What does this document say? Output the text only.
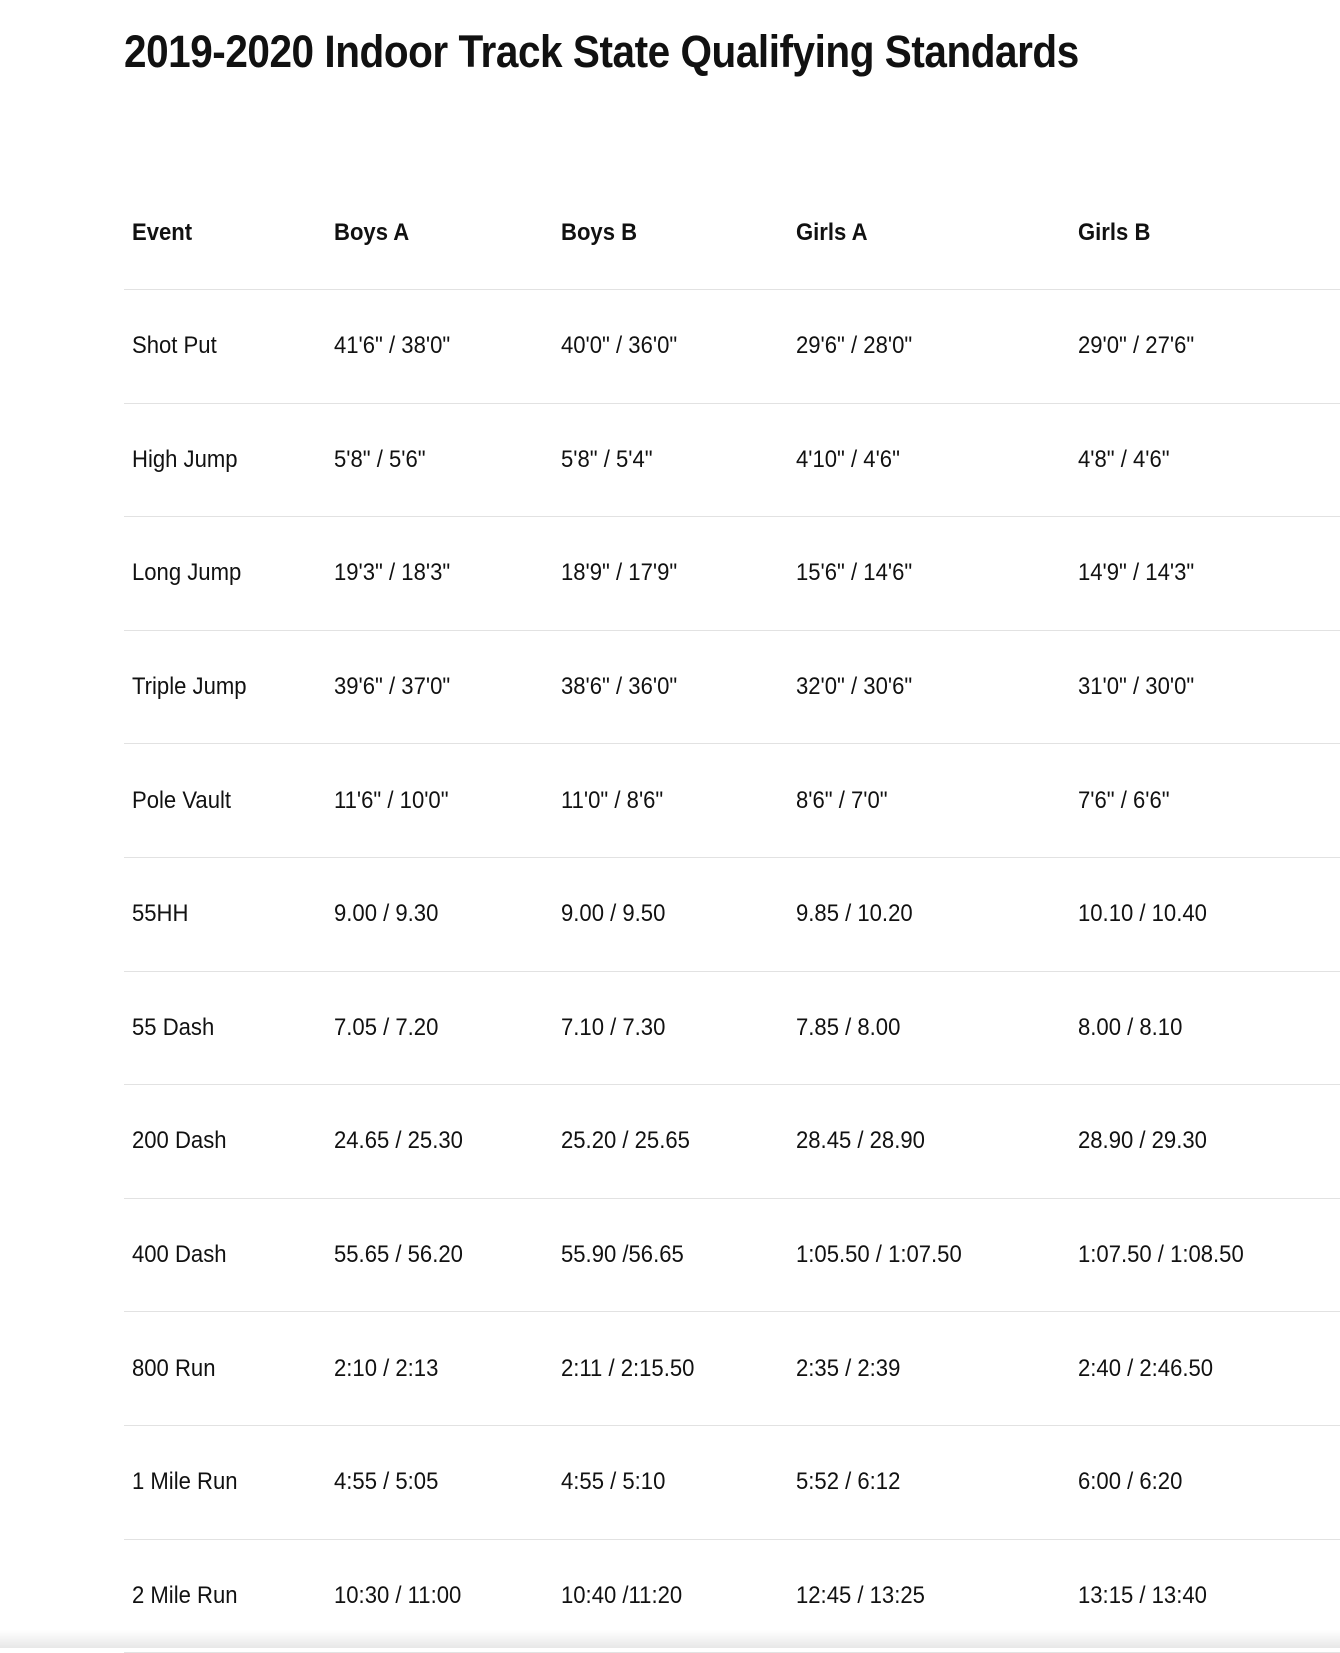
2019-2020 Indoor Track State Qualifying Standards
Event	Boys A	Boys B	Girls A	Girls B
Shot Put	41'6" / 38'0"	40'0" / 36'0"	29'6" / 28'0"	29'0" / 27'6"
High Jump	5'8" / 5'6"	5'8" / 5'4"	4'10" / 4'6"	4'8" / 4'6"
Long Jump	19'3" / 18'3"	18'9" / 17'9"	15'6" / 14'6"	14'9" / 14'3"
Triple Jump	39'6" / 37'0"	38'6" / 36'0"	32'0" / 30'6"	31'0" / 30'0"
Pole Vault	11'6" / 10'0"	11'0" / 8'6"	8'6" / 7'0"	7'6" / 6'6"
55HH	9.00 / 9.30	9.00 / 9.50	9.85 / 10.20	10.10 / 10.40
55 Dash	7.05 / 7.20	7.10 / 7.30	7.85 / 8.00	8.00 / 8.10
200 Dash	24.65 / 25.30	25.20 / 25.65	28.45 / 28.90	28.90 / 29.30
400 Dash	55.65 / 56.20	55.90 /56.65	1:05.50 / 1:07.50	1:07.50 / 1:08.50
800 Run	2:10 / 2:13	2:11 / 2:15.50	2:35 / 2:39	2:40 / 2:46.50
1 Mile Run	4:55 / 5:05	4:55 / 5:10	5:52 / 6:12	6:00 / 6:20
2 Mile Run	10:30 / 11:00	10:40 /11:20	12:45 / 13:25	13:15 / 13:40
